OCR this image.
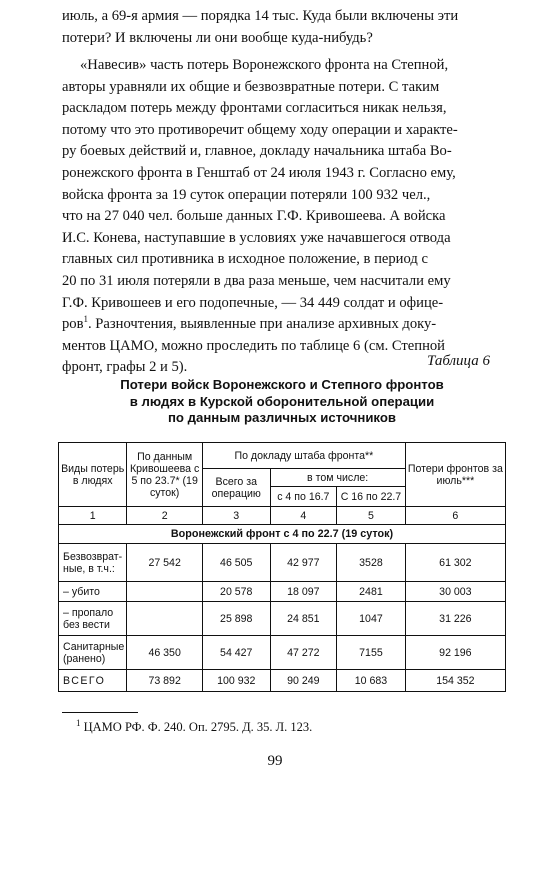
июль, а 69-я армия — порядка 14 тыс. Куда были включены эти
потери? И включены ли они вообще куда-нибудь?
«Навесив» часть потерь Воронежского фронта на Степной,
авторы уравняли их общие и безвозвратные потери. С таким
раскладом потерь между фронтами согласиться никак нельзя,
потому что это противоречит общему ходу операции и характе-
ру боевых действий и, главное, докладу начальника штаба Во-
ронежского фронта в Генштаб от 24 июля 1943 г. Согласно ему,
войска фронта за 19 суток операции потеряли 100 932 чел.,
что на 27 040 чел. больше данных Г.Ф. Кривошеева. А войска
И.С. Конева, наступавшие в условиях уже начавшегося отвода
главных сил противника в исходное положение, в период с
20 по 31 июля потеряли в два раза меньше, чем насчитали ему
Г.Ф. Кривошеев и его подопечные, — 34 449 солдат и офице-
ров$^1$. Разночтения, выявленные при анализе архивных доку-
ментов ЦАМО, можно проследить по таблице 6 (см. Степной
фронт, графы 2 и 5).	Таблица 6
Потери войск Воронежского и Степного фронтов
в людях в Курской оборонительной операции
по данным различных источников
Виды потерь в людях	По данным Кривошеева с 5 по 23.7* (19 суток)	По докладу штаба фронта**			Потери фронтов за июль***
		Всего за операцию	в том числе:		
			с 4 по 16.7	С 16 по 22.7	
1	2	3	4	5	6
Воронежский фронт с 4 по 22.7 (19 суток)					
Безвозврат-ные, в т.ч.:	27 542	46 505	42 977	3528	61 302
– убито		20 578	18 097	2481	30 003
– пропало без вести		25 898	24 851	1047	31 226
Санитарные (ранено)	46 350	54 427	47 272	7155	92 196
ВСЕГО	73 892	100 932	90 249	10 683	154 352
$^1$ ЦАМО РФ. Ф. 240. Оп. 2795. Д. 35. Л. 123.
99
